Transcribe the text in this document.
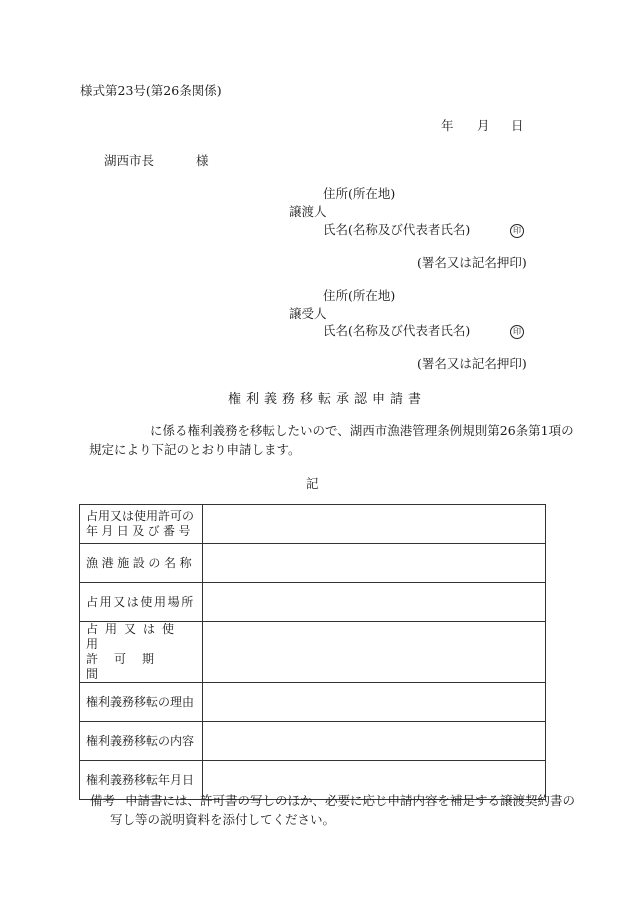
様式第23号(第26条関係)
年 月 日
湖西市長	様
住所(所在地)
譲渡人
氏名(名称及び代表者氏名)	印
(署名又は記名押印)
住所(所在地)
譲受人
氏名(名称及び代表者氏名)	印
(署名又は記名押印)
権利義務移転承認申請書
に係る権利義務を移転したいので、湖西市漁港管理条例規則第26条第1項の
規定により下記のとおり申請します。
記
占用又は使用許可の
年月日及び番号	

漁港施設の名称	

占用又は使用場所	

占用又は使用
許可期間	

権利義務移転の理由	

権利義務移転の内容	

権利義務移転年月日	

備考 申請書には、許可書の写しのほか、必要に応じ申請内容を補足する譲渡契約書の
写し等の説明資料を添付してください。
